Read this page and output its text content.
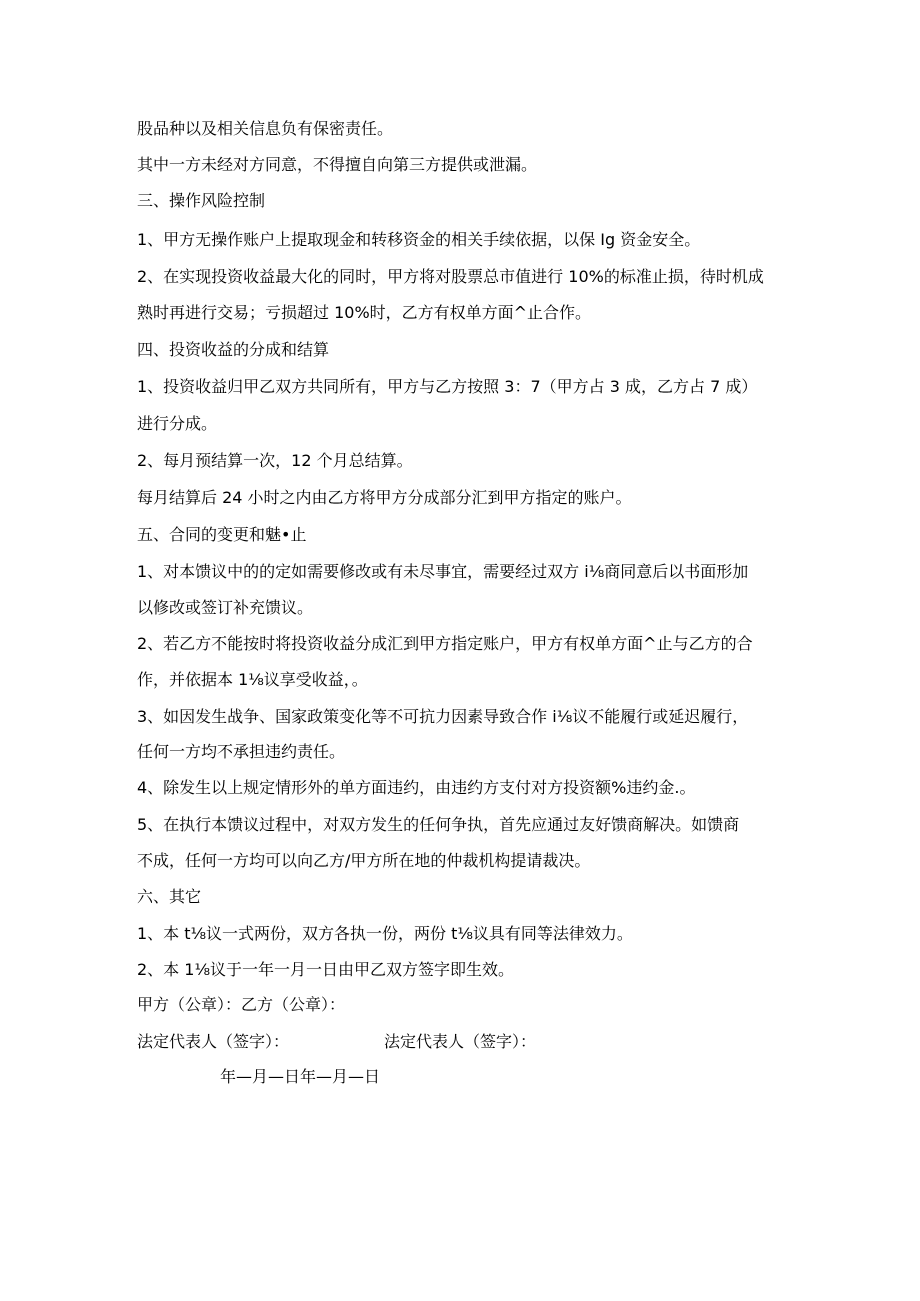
股品种以及相关信息负有保密责任。
其中一方未经对方同意，不得擅自向第三方提供或泄漏。
三、操作风险控制
1、甲方无操作账户上提取现金和转移资金的相关手续依据，以保 Ig 资金安全。
2、在实现投资收益最大化的同时，甲方将对股票总市值进行 10%的标准止损，待时机成
熟时再进行交易；亏损超过 10%时，乙方有权单方面^止合作。
四、投资收益的分成和结算
1、投资收益归甲乙双方共同所有，甲方与乙方按照 3：7（甲方占 3 成，乙方占 7 成）
进行分成。
2、每月预结算一次，12 个月总结算。
每月结算后 24 小时之内由乙方将甲方分成部分汇到甲方指定的账户。
五、合同的变更和魅•止
1、对本馈议中的的定如需要修改或有未尽事宜，需要经过双方 i⅛商同意后以书面形加
以修改或签订补充馈议。
2、若乙方不能按时将投资收益分成汇到甲方指定账户，甲方有权单方面^止与乙方的合
作，并依据本 1⅛议享受收益，。
3、如因发生战争、国家政策变化等不可抗力因素导致合作 i⅛议不能履行或延迟履行，
任何一方均不承担违约责任。
4、除发生以上规定情形外的单方面违约，由违约方支付对方投资额%违约金.。
5、在执行本馈议过程中，对双方发生的任何争执，首先应通过友好馈商解决。如馈商
不成，任何一方均可以向乙方/甲方所在地的仲裁机构提请裁决。
六、其它
1、本 t⅛议一式两份，双方各执一份，两份 t⅛议具有同等法律效力。
2、本 1⅛议于一年一月一日由甲乙双方签字即生效。
甲方（公章）：乙方（公章）：
法定代表人（签字）：	法定代表人（签字）：
年—月—日年—月—日
